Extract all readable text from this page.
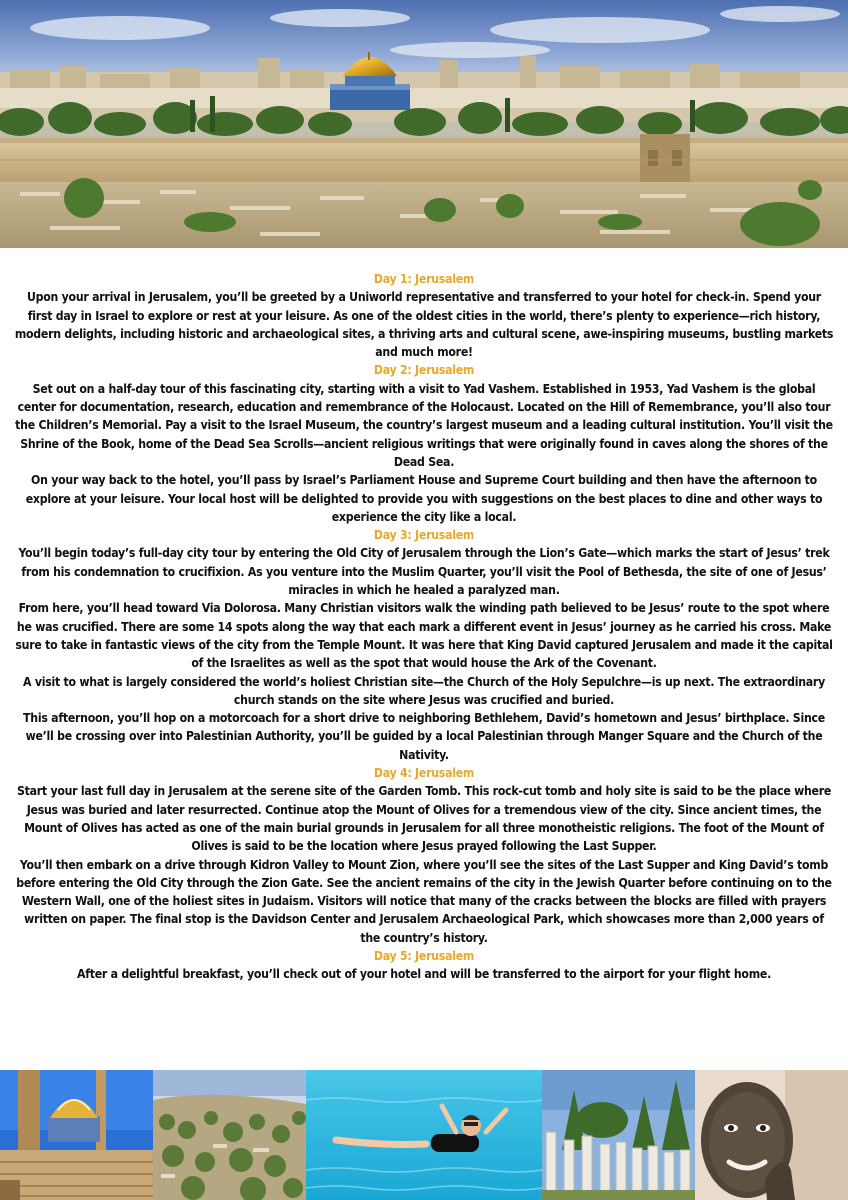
Day 1: Jerusalem

Upon your arrival in Jerusalem, you’ll be greeted by a Uniworld representative and transferred to your hotel for check-in. Spend your first day in Israel to explore or rest at your leisure. As one of the oldest cities in the world, there’s plenty to experience—rich history, modern delights, including historic and archaeological sites, a thriving arts and cultural scene, awe-inspiring museums, bustling markets and much more!

Day 2: Jerusalem

Set out on a half-day tour of this fascinating city, starting with a visit to Yad Vashem. Established in 1953, Yad Vashem is the global center for documentation, research, education and remembrance of the Holocaust. Located on the Hill of Remembrance, you’ll also tour the Children’s Memorial. Pay a visit to the Israel Museum, the country’s largest museum and a leading cultural institution. You’ll visit the Shrine of the Book, home of the Dead Sea Scrolls—ancient religious writings that were originally found in caves along the shores of the Dead Sea.

On your way back to the hotel, you’ll pass by Israel’s Parliament House and Supreme Court building and then have the afternoon to explore at your leisure. Your local host will be delighted to provide you with suggestions on the best places to dine and other ways to experience the city like a local.

Day 3: Jerusalem

You’ll begin today’s full-day city tour by entering the Old City of Jerusalem through the Lion’s Gate—which marks the start of Jesus’ trek from his condemnation to crucifixion. As you venture into the Muslim Quarter, you’ll visit the Pool of Bethesda, the site of one of Jesus’ miracles in which he healed a paralyzed man.

From here, you’ll head toward Via Dolorosa. Many Christian visitors walk the winding path believed to be Jesus’ route to the spot where he was crucified. There are some 14 spots along the way that each mark a different event in Jesus’ journey as he carried his cross. Make sure to take in fantastic views of the city from the Temple Mount. It was here that King David captured Jerusalem and made it the capital of the Israelites as well as the spot that would house the Ark of the Covenant.

A visit to what is largely considered the world’s holiest Christian site—the Church of the Holy Sepulchre—is up next. The extraordinary church stands on the site where Jesus was crucified and buried.

This afternoon, you’ll hop on a motorcoach for a short drive to neighboring Bethlehem, David’s hometown and Jesus’ birthplace. Since we’ll be crossing over into Palestinian Authority, you’ll be guided by a local Palestinian through Manger Square and the Church of the Nativity.

Day 4: Jerusalem

Start your last full day in Jerusalem at the serene site of the Garden Tomb. This rock-cut tomb and holy site is said to be the place where Jesus was buried and later resurrected. Continue atop the Mount of Olives for a tremendous view of the city. Since ancient times, the Mount of Olives has acted as one of the main burial grounds in Jerusalem for all three monotheistic religions. The foot of the Mount of Olives is said to be the location where Jesus prayed following the Last Supper.

You’ll then embark on a drive through Kidron Valley to Mount Zion, where you’ll see the sites of the Last Supper and King David’s tomb before entering the Old City through the Zion Gate. See the ancient remains of the city in the Jewish Quarter before continuing on to the Western Wall, one of the holiest sites in Judaism. Visitors will notice that many of the cracks between the blocks are filled with prayers written on paper. The final stop is the Davidson Center and Jerusalem Archaeological Park, which showcases more than 2,000 years of the country’s history.

Day 5: Jerusalem

After a delightful breakfast, you’ll check out of your hotel and will be transferred to the airport for your flight home.
